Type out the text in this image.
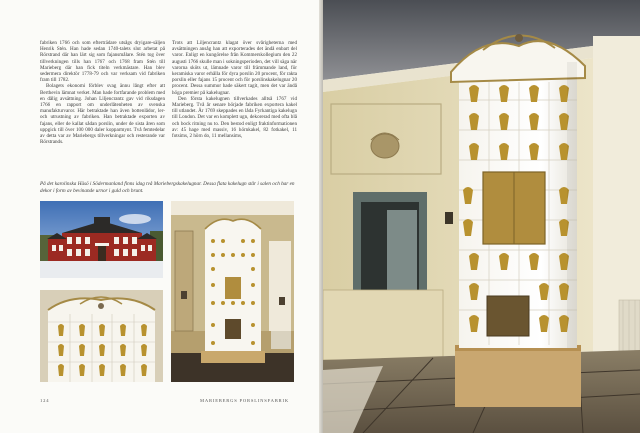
fabriken 1766 och som efterträdare utsågs dryigare-säljen Henrik Stén. Han hade sedan 1740-talets slut arbetat på Rörstrand där han lärt sig som fajansmålare. Stén tog över tillverkningen tills han 1767 och 1768 fram Stén till Marieberg där han fick titeln verkmästare. Han blev sedermera direktör 1778-79 och var verksam vid fabriken fram till 1782.

Bolagets ekonomi förblev svag ännu långt efter att Berthevin lämnat verket. Man hade fortfarande problem med en dålig avsättning. Johan Liljencrantz gav vid riksdagen 1766 en rapport om underlåtenheten av svenska manufakturvaror. Här betraktade han även bottenlådor, ler- och utrustning av fabriken. Han betraktade exporten av fajans, eller de kallat sådan porslin, under de sista åren som uppgick till över 100 000 daler kopparmynt. Två femtedelar av detta var av Mariebergs tillverkningar och resterande var Rörstrands.

Trots att Liljencrantz klagat över svårigheterna med avsättningen ansåg han att exporterades det ändå enbart del varor. Enligt en kungörelse från Kommerskollegium den 22 augusti 1766 skulle man i sokningsperioden, det vill säga när varorna sköts ut, lämnade varor till främmande land, för keramiska varor erhålla för dyra porslin 20 procent, för rakta porslin eller fajans 15 procent och för porslinskakelugnar 20 procent. Dessa summor hade säkert tagit, men det var ändå höga premier på kakelugnar.

Den första kakelugnen tillverkades alltså 1767 vid Marieberg. Två år senare började fabriken exportera kakel till utlandet. År 1769 skeppades en låda Fyrkantiga kakelugn till London. Det var en komplett ugn, dekorerad med ofta blå och bock ritning nu to. Den bestod enligt fraktinformationen av: 45 hage med massiv, 16 hörnkakel, 82 fotkakel, 11 fotsims, 2 hörn do, 11 mellansims,

På det karolinska Häsö i Södermanland finns idag två Mariebergskakelugnar. Dessa flata kakelugn står i salen och har en dekor i form av bevinande urnor i guld och brunt.
124	MARIEBERGS PORSLINSFABRIK
